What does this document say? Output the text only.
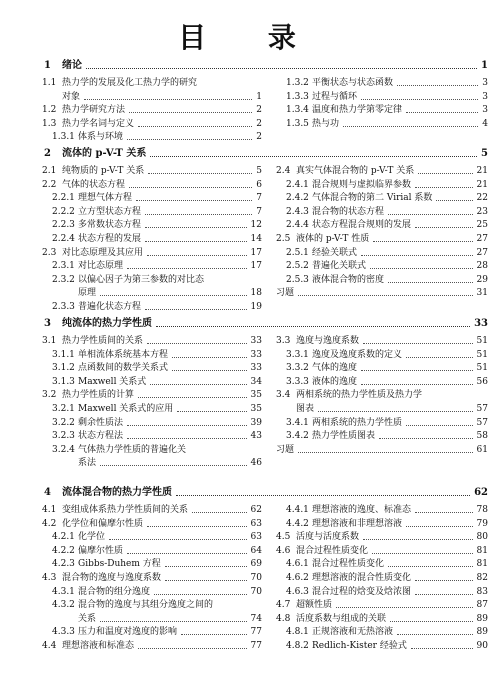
目 录
1 绪论	1
1.1 热力学的发展及化工热力学的研究
对象	1
1.2 热力学研究方法	2
1.3 热力学名词与定义	2
1.3.1 体系与环境	2
1.3.2 平衡状态与状态函数	3
1.3.3 过程与循环	3
1.3.4 温度和热力学第零定律	3
1.3.5 热与功	4
2 流体的 p-V-T 关系	5
2.1 纯物质的 p-V-T 关系	5
2.2 气体的状态方程	6
2.2.1 理想气体方程	7
2.2.2 立方型状态方程	7
2.2.3 多常数状态方程	12
2.2.4 状态方程的发展	14
2.3 对比态原理及其应用	17
2.3.1 对比态原理	17
2.3.2 以偏心因子为第三参数的对比态
原理	18
2.3.3 普遍化状态方程	19
2.4 真实气体混合物的 p-V-T 关系	21
2.4.1 混合规则与虚拟临界参数	21
2.4.2 气体混合物的第二 Virial 系数	22
2.4.3 混合物的状态方程	23
2.4.4 状态方程混合规则的发展	25
2.5 液体的 p-V-T 性质	27
2.5.1 经验关联式	27
2.5.2 普遍化关联式	28
2.5.3 液体混合物的密度	29
习题	31
3 纯流体的热力学性质	33
3.1 热力学性质间的关系	33
3.1.1 单相流体系统基本方程	33
3.1.2 点函数间的数学关系式	33
3.1.3 Maxwell 关系式	34
3.2 热力学性质的计算	35
3.2.1 Maxwell 关系式的应用	35
3.2.2 剩余性质法	39
3.2.3 状态方程法	43
3.2.4 气体热力学性质的普遍化关
系法	46
3.3 逸度与逸度系数	51
3.3.1 逸度及逸度系数的定义	51
3.3.2 气体的逸度	51
3.3.3 液体的逸度	56
3.4 两相系统的热力学性质及热力学
图表	57
3.4.1 两相系统的热力学性质	57
3.4.2 热力学性质图表	58
习题	61
4 流体混合物的热力学性质	62
4.1 变组成体系热力学性质间的关系	62
4.2 化学位和偏摩尔性质	63
4.2.1 化学位	63
4.2.2 偏摩尔性质	64
4.2.3 Gibbs-Duhem 方程	69
4.3 混合物的逸度与逸度系数	70
4.3.1 混合物的组分逸度	70
4.3.2 混合物的逸度与其组分逸度之间的
关系	74
4.3.3 压力和温度对逸度的影响	77
4.4 理想溶液和标准态	77
4.4.1 理想溶液的逸度、标准态	78
4.4.2 理想溶液和非理想溶液	79
4.5 活度与活度系数	80
4.6 混合过程性质变化	81
4.6.1 混合过程性质变化	81
4.6.2 理想溶液的混合性质变化	82
4.6.3 混合过程的焓变及焓浓图	83
4.7 超额性质	87
4.8 活度系数与组成的关联	89
4.8.1 正规溶液和无热溶液	89
4.8.2 Redlich-Kister 经验式	90
